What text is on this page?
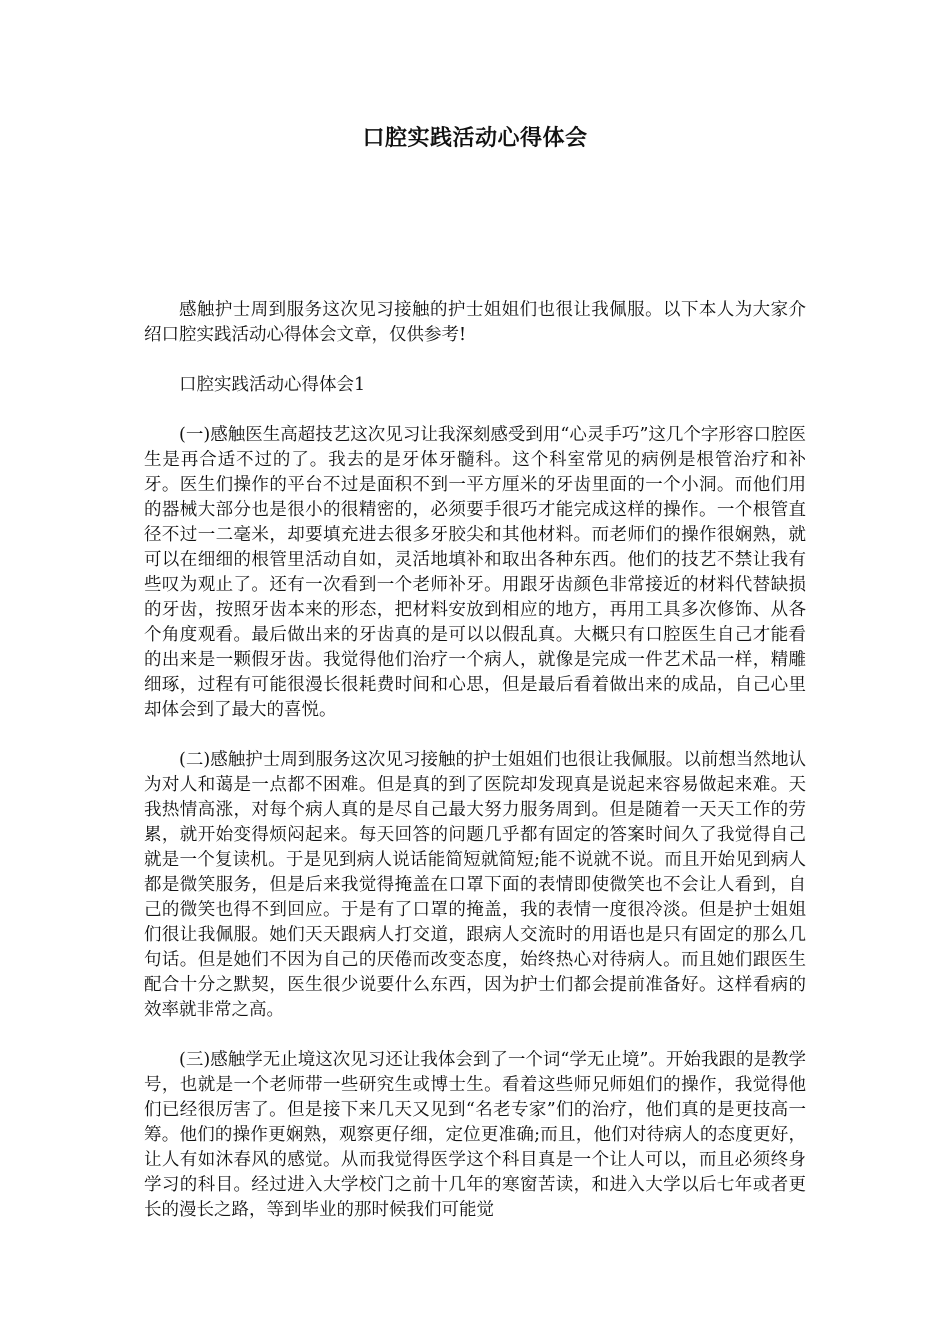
口腔实践活动心得体会

感触护士周到服务这次见习接触的护士姐姐们也很让我佩服。以下本人为大家介绍口腔实践活动心得体会文章，仅供参考!

口腔实践活动心得体会1

(一)感触医生高超技艺这次见习让我深刻感受到用“心灵手巧”这几个字形容口腔医生是再合适不过的了。我去的是牙体牙髓科。这个科室常见的病例是根管治疗和补牙。医生们操作的平台不过是面积不到一平方厘米的牙齿里面的一个小洞。而他们用的器械大部分也是很小的很精密的，必须要手很巧才能完成这样的操作。一个根管直径不过一二毫米，却要填充进去很多牙胶尖和其他材料。而老师们的操作很娴熟，就可以在细细的根管里活动自如，灵活地填补和取出各种东西。他们的技艺不禁让我有些叹为观止了。还有一次看到一个老师补牙。用跟牙齿颜色非常接近的材料代替缺损的牙齿，按照牙齿本来的形态，把材料安放到相应的地方，再用工具多次修饰、从各个角度观看。最后做出来的牙齿真的是可以以假乱真。大概只有口腔医生自己才能看的出来是一颗假牙齿。我觉得他们治疗一个病人，就像是完成一件艺术品一样，精雕细琢，过程有可能很漫长很耗费时间和心思，但是最后看着做出来的成品，自己心里却体会到了最大的喜悦。

(二)感触护士周到服务这次见习接触的护士姐姐们也很让我佩服。以前想当然地认为对人和蔼是一点都不困难。但是真的到了医院却发现真是说起来容易做起来难。天我热情高涨，对每个病人真的是尽自己最大努力服务周到。但是随着一天天工作的劳累，就开始变得烦闷起来。每天回答的问题几乎都有固定的答案时间久了我觉得自己就是一个复读机。于是见到病人说话能简短就简短;能不说就不说。而且开始见到病人都是微笑服务，但是后来我觉得掩盖在口罩下面的表情即使微笑也不会让人看到，自己的微笑也得不到回应。于是有了口罩的掩盖，我的表情一度很冷淡。但是护士姐姐们很让我佩服。她们天天跟病人打交道，跟病人交流时的用语也是只有固定的那么几句话。但是她们不因为自己的厌倦而改变态度，始终热心对待病人。而且她们跟医生配合十分之默契，医生很少说要什么东西，因为护士们都会提前准备好。这样看病的效率就非常之高。

(三)感触学无止境这次见习还让我体会到了一个词“学无止境”。开始我跟的是教学号，也就是一个老师带一些研究生或博士生。看着这些师兄师姐们的操作，我觉得他们已经很厉害了。但是接下来几天又见到“名老专家”们的治疗，他们真的是更技高一筹。他们的操作更娴熟，观察更仔细，定位更准确;而且，他们对待病人的态度更好，让人有如沐春风的感觉。从而我觉得医学这个科目真是一个让人可以，而且必须终身学习的科目。经过进入大学校门之前十几年的寒窗苦读，和进入大学以后七年或者更长的漫长之路，等到毕业的那时候我们可能觉
